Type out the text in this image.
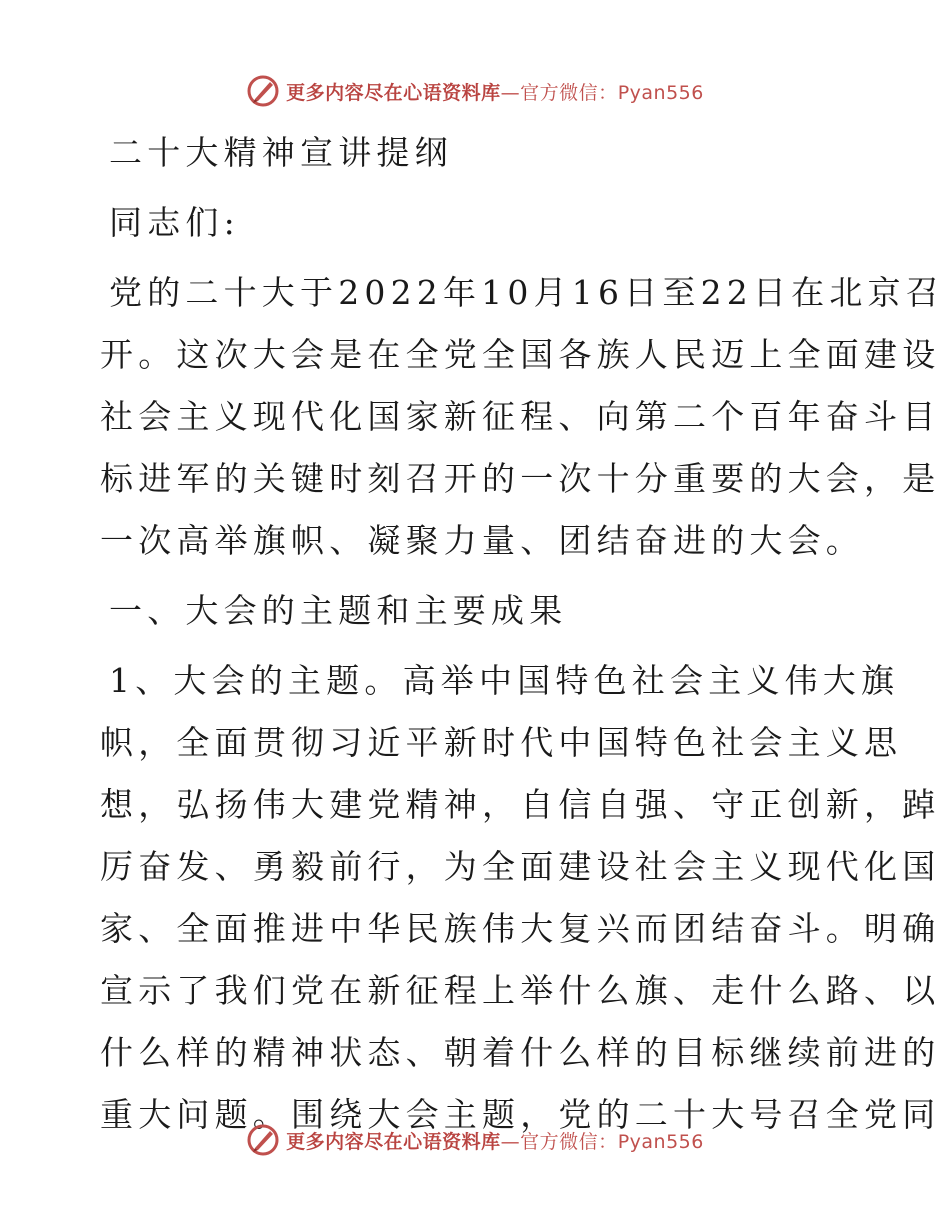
更多内容尽在心语资料库—官方微信：Pyan556
二十大精神宣讲提纲
同志们:
党的二十大于2022年10月16日至22日在北京召
开。这次大会是在全党全国各族人民迈上全面建设
社会主义现代化国家新征程、向第二个百年奋斗目
标进军的关键时刻召开的一次十分重要的大会，是
一次高举旗帜、凝聚力量、团结奋进的大会。
一、大会的主题和主要成果
1、大会的主题。高举中国特色社会主义伟大旗
帜，全面贯彻习近平新时代中国特色社会主义思
想，弘扬伟大建党精神，自信自强、守正创新，踔
厉奋发、勇毅前行，为全面建设社会主义现代化国
家、全面推进中华民族伟大复兴而团结奋斗。明确
宣示了我们党在新征程上举什么旗、走什么路、以
什么样的精神状态、朝着什么样的目标继续前进的
重大问题。围绕大会主题，党的二十大号召全党同
更多内容尽在心语资料库—官方微信：Pyan556
